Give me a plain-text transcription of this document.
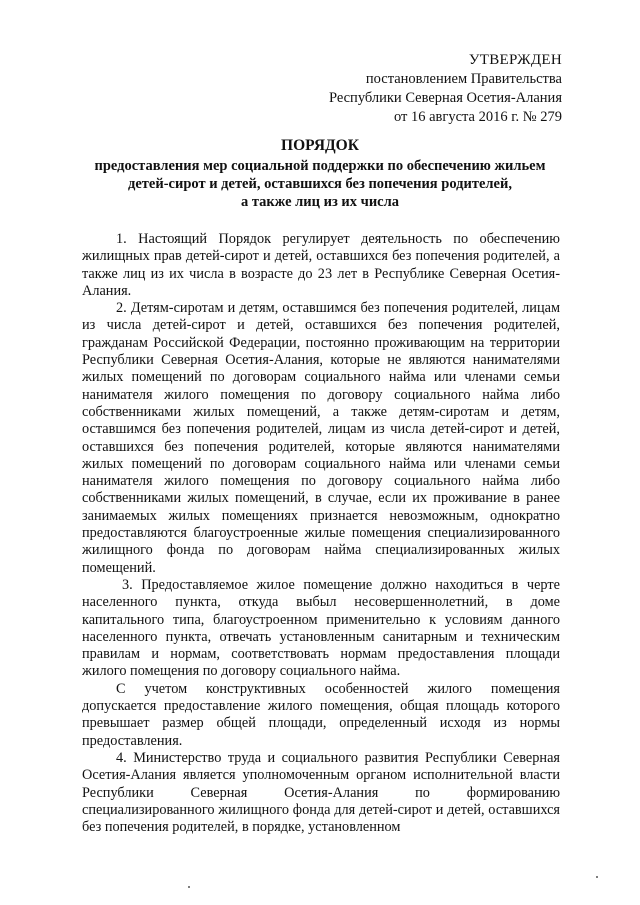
УТВЕРЖДЕН
постановлением Правительства
Республики Северная Осетия-Алания
от 16 августа 2016 г. № 279
ПОРЯДОК
предоставления мер социальной поддержки по обеспечению жильем
детей-сирот и детей, оставшихся без попечения родителей,
а также лиц из их числа

1. Настоящий Порядок регулирует деятельность по обеспечению жилищных прав детей-сирот и детей, оставшихся без попечения родителей, а также лиц из их числа в возрасте до 23 лет в Республике Северная Осетия-Алания.

2. Детям-сиротам и детям, оставшимся без попечения родителей, лицам из числа детей-сирот и детей, оставшихся без попечения родителей, гражданам Российской Федерации, постоянно проживающим на территории Республики Северная Осетия-Алания, которые не являются нанимателями жилых помещений по договорам социального найма или членами семьи нанимателя жилого помещения по договору социального найма либо собственниками жилых помещений, а также детям-сиротам и детям, оставшимся без попечения родителей, лицам из числа детей-сирот и детей, оставшихся без попечения родителей, которые являются нанимателями жилых помещений по договорам социального найма или членами семьи нанимателя жилого помещения по договору социального найма либо собственниками жилых помещений, в случае, если их проживание в ранее занимаемых жилых помещениях признается невозможным, однократно предоставляются благоустроенные жилые помещения специализированного жилищного фонда по договорам найма специализированных жилых помещений.

3. Предоставляемое жилое помещение должно находиться в черте населенного пункта, откуда выбыл несовершеннолетний, в доме капитального типа, благоустроенном применительно к условиям данного населенного пункта, отвечать установленным санитарным и техническим правилам и нормам, соответствовать нормам предоставления площади жилого помещения по договору социального найма.

С учетом конструктивных особенностей жилого помещения допускается предоставление жилого помещения, общая площадь которого превышает размер общей площади, определенный исходя из нормы предоставления.

4. Министерство труда и социального развития Республики Северная Осетия-Алания является уполномоченным органом исполнительной власти Республики Северная Осетия-Алания по формированию специализированного жилищного фонда для детей-сирот и детей, оставшихся без попечения родителей, в порядке, установленном
